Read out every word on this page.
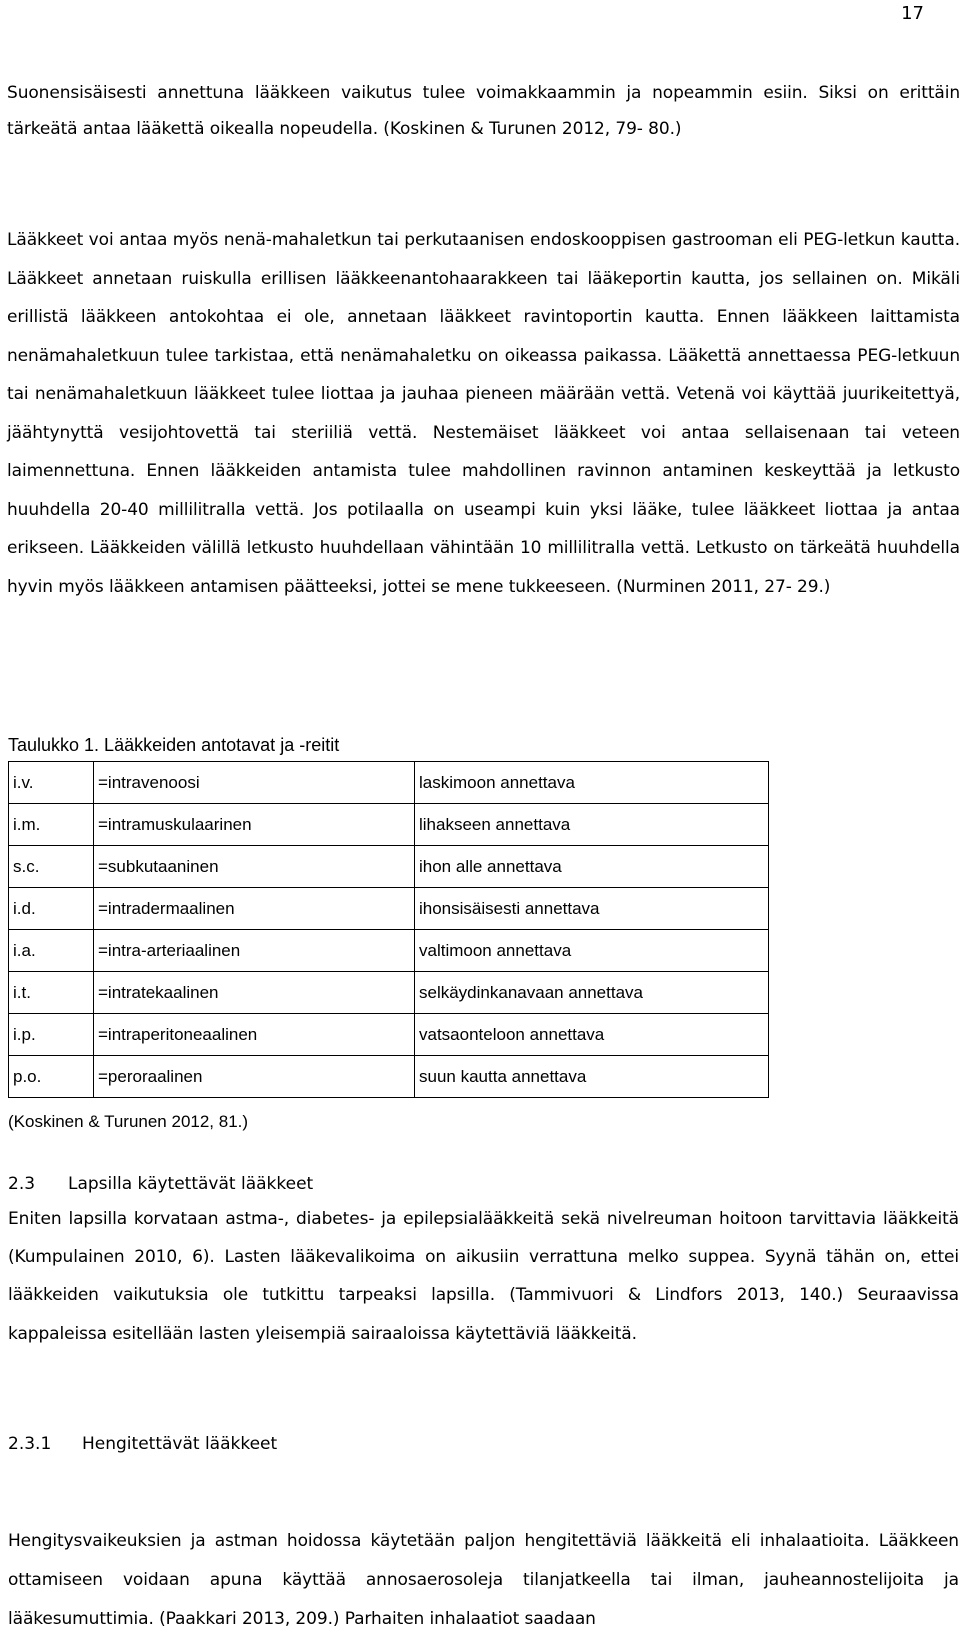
17

Suonensisäisesti annettuna lääkkeen vaikutus tulee voimakkaammin ja nopeammin esiin. Siksi on erittäin tärkeätä antaa lääkettä oikealla nopeudella. (Koskinen & Turunen 2012, 79- 80.)

Lääkkeet voi antaa myös nenä-mahaletkun tai perkutaanisen endoskooppisen gastrooman eli PEG-letkun kautta. Lääkkeet annetaan ruiskulla erillisen lääkkeenantohaarakkeen tai lääkeportin kautta, jos sellainen on. Mikäli erillistä lääkkeen antokohtaa ei ole, annetaan lääkkeet ravintoportin kautta. Ennen lääkkeen laittamista nenämahaletkuun tulee tarkistaa, että nenämahaletku on oikeassa paikassa. Lääkettä annettaessa PEG-letkuun tai nenämahaletkuun lääkkeet tulee liottaa ja jauhaa pieneen määrään vettä. Vetenä voi käyttää juurikeitettyä, jäähtynyttä vesijohtovettä tai steriiliä vettä. Nestemäiset lääkkeet voi antaa sellaisenaan tai veteen laimennettuna. Ennen lääkkeiden antamista tulee mahdollinen ravinnon antaminen keskeyttää ja letkusto huuhdella 20-40 millilitralla vettä. Jos potilaalla on useampi kuin yksi lääke, tulee lääkkeet liottaa ja antaa erikseen. Lääkkeiden välillä letkusto huuhdellaan vähintään 10 millilitralla vettä. Letkusto on tärkeätä huuhdella hyvin myös lääkkeen antamisen päätteeksi, jottei se mene tukkeeseen. (Nurminen 2011, 27- 29.)

Taulukko 1. Lääkkeiden antotavat ja -reitit

i.v.	=intravenoosi	laskimoon annettava
i.m.	=intramuskulaarinen	lihakseen annettava
s.c.	=subkutaaninen	ihon alle annettava
i.d.	=intradermaalinen	ihonsisäisesti annettava
i.a.	=intra-arteriaalinen	valtimoon annettava
i.t.	=intratekaalinen	selkäydinkanavaan annettava
i.p.	=intraperitoneaalinen	vatsaonteloon annettava
p.o.	=peroraalinen	suun kautta annettava

(Koskinen & Turunen 2012, 81.)

2.3 Lapsilla käytettävät lääkkeet

Eniten lapsilla korvataan astma-, diabetes- ja epilepsialääkkeitä sekä nivelreuman hoitoon tarvittavia lääkkeitä (Kumpulainen 2010, 6). Lasten lääkevalikoima on aikusiin verrattuna melko suppea. Syynä tähän on, ettei lääkkeiden vaikutuksia ole tutkittu tarpeaksi lapsilla. (Tammivuori & Lindfors 2013, 140.) Seuraavissa kappaleissa esitellään lasten yleisempiä sairaaloissa käytettäviä lääkkeitä.

2.3.1 Hengitettävät lääkkeet

Hengitysvaikeuksien ja astman hoidossa käytetään paljon hengitettäviä lääkkeitä eli inhalaatioita. Lääkkeen ottamiseen voidaan apuna käyttää annosaerosoleja tilanjatkeella tai ilman, jauheannostelijoita ja lääkesumuttimia. (Paakkari 2013, 209.) Parhaiten inhalaatiot saadaan
